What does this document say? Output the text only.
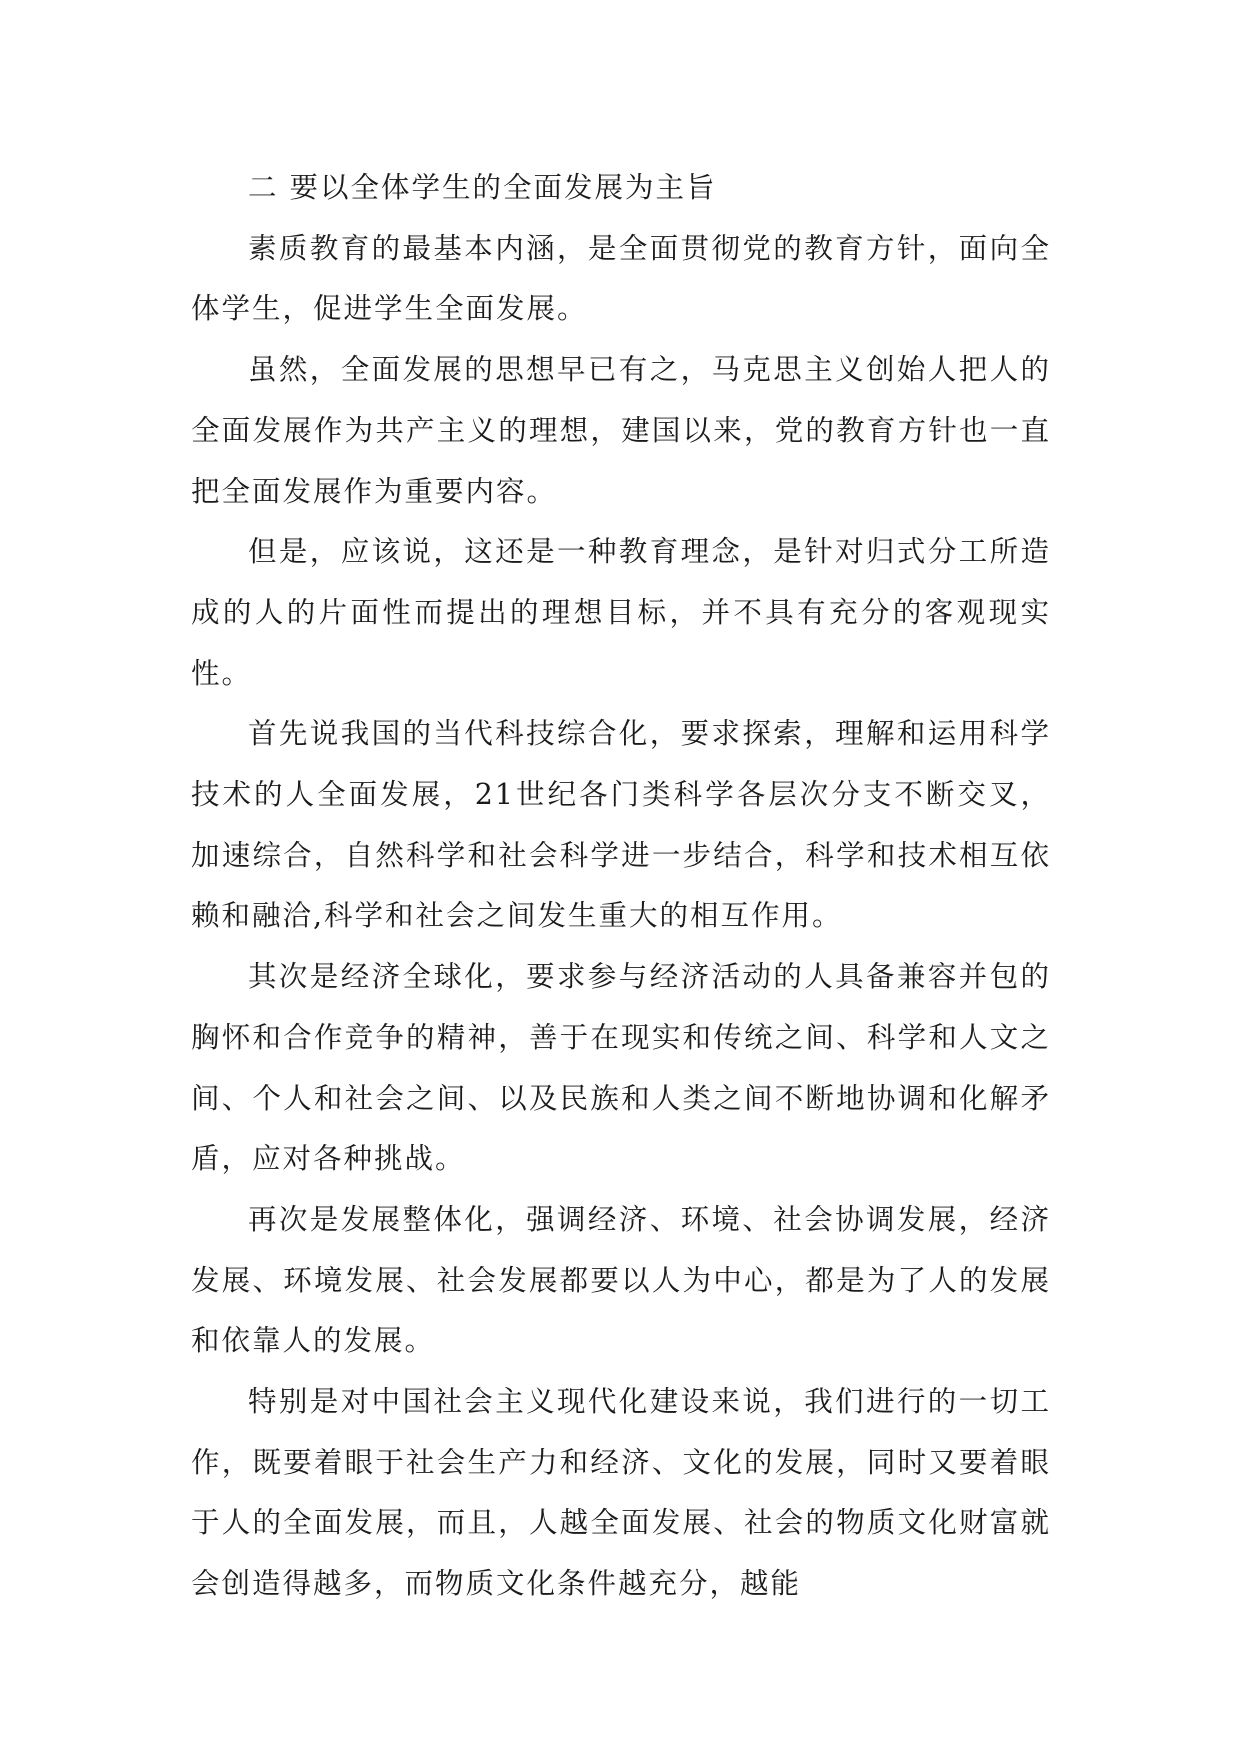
二 要以全体学生的全面发展为主旨

素质教育的最基本内涵，是全面贯彻党的教育方针，面向全体学生，促进学生全面发展。

虽然，全面发展的思想早已有之，马克思主义创始人把人的全面发展作为共产主义的理想，建国以来，党的教育方针也一直把全面发展作为重要内容。

但是，应该说，这还是一种教育理念，是针对归式分工所造成的人的片面性而提出的理想目标，并不具有充分的客观现实性。

首先说我国的当代科技综合化，要求探索，理解和运用科学技术的人全面发展，21世纪各门类科学各层次分支不断交叉，加速综合，自然科学和社会科学进一步结合，科学和技术相互依赖和融洽,科学和社会之间发生重大的相互作用。

其次是经济全球化，要求参与经济活动的人具备兼容并包的胸怀和合作竞争的精神，善于在现实和传统之间、科学和人文之间、个人和社会之间、以及民族和人类之间不断地协调和化解矛盾，应对各种挑战。

再次是发展整体化，强调经济、环境、社会协调发展，经济发展、环境发展、社会发展都要以人为中心，都是为了人的发展和依靠人的发展。

特别是对中国社会主义现代化建设来说，我们进行的一切工作，既要着眼于社会生产力和经济、文化的发展，同时又要着眼于人的全面发展，而且，人越全面发展、社会的物质文化财富就会创造得越多，而物质文化条件越充分，越能
